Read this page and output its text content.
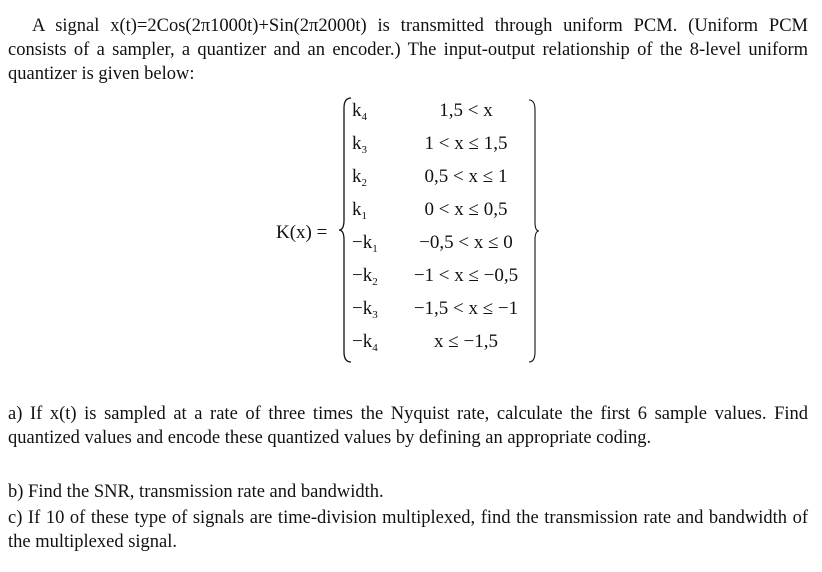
A signal x(t)=2Cos(2π1000t)+Sin(2π2000t) is transmitted through uniform PCM. (Uniform PCM consists of a sampler, a quantizer and an encoder.) The input-output relationship of the 8-level uniform quantizer is given below:

K(x) =
$k_4$	1,5 < x
$k_3$	1 < x ≤ 1,5
$k_2$	0,5 < x ≤ 1
$k_1$	0 < x ≤ 0,5
$-k_1$	−0,5 < x ≤ 0
$-k_2$	−1 < x ≤ −0,5
$-k_3$	−1,5 < x ≤ −1
$-k_4$	x ≤ −1,5

a) If x(t) is sampled at a rate of three times the Nyquist rate, calculate the first 6 sample values. Find quantized values and encode these quantized values by defining an appropriate coding.

b) Find the SNR, transmission rate and bandwidth.

c) If 10 of these type of signals are time-division multiplexed, find the transmission rate and bandwidth of the multiplexed signal.
